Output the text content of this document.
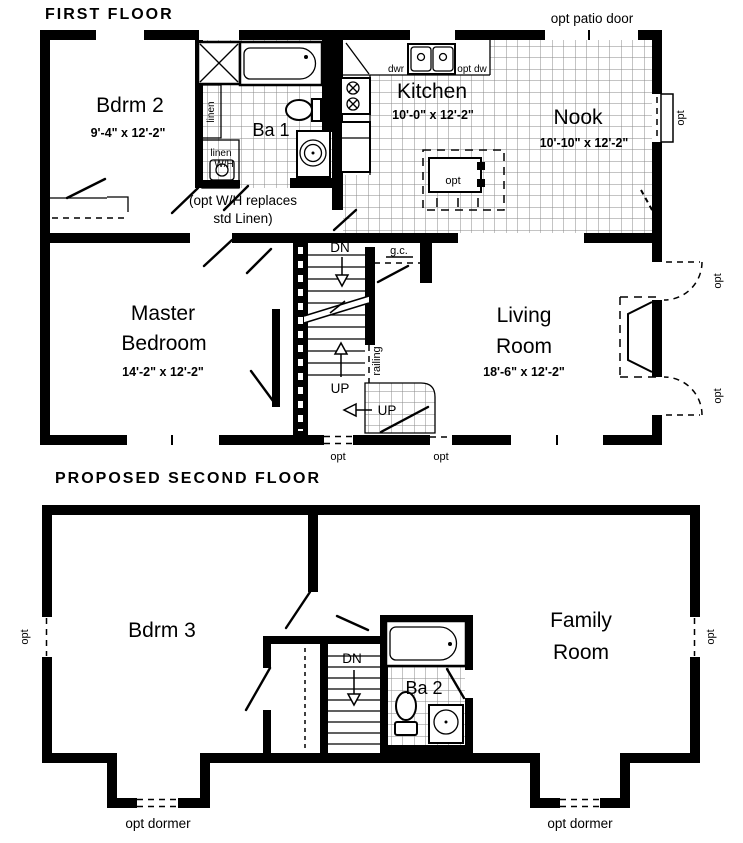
FIRST FLOOR	opt patio door
Bdrm 2
9'-4" x 12'-2"	Ba 1
Kitchen
10'-0" x 12'-2"	Nook
10'-10" x 12'-2"
Master
Bedroom
14'-2" x 12'-2"
Living
Room
18'-6" x 12'-2"
dwr	opt dw
opt
linen
linen
W/H
(opt W/H replaces
std Linen)
DN
UP
UP
railing
g.c.
opt
opt
opt
opt	opt
PROPOSED SECOND FLOOR
Bdrm 3
Ba 2
Family
Room
DN
opt	opt
opt dormer	opt dormer
